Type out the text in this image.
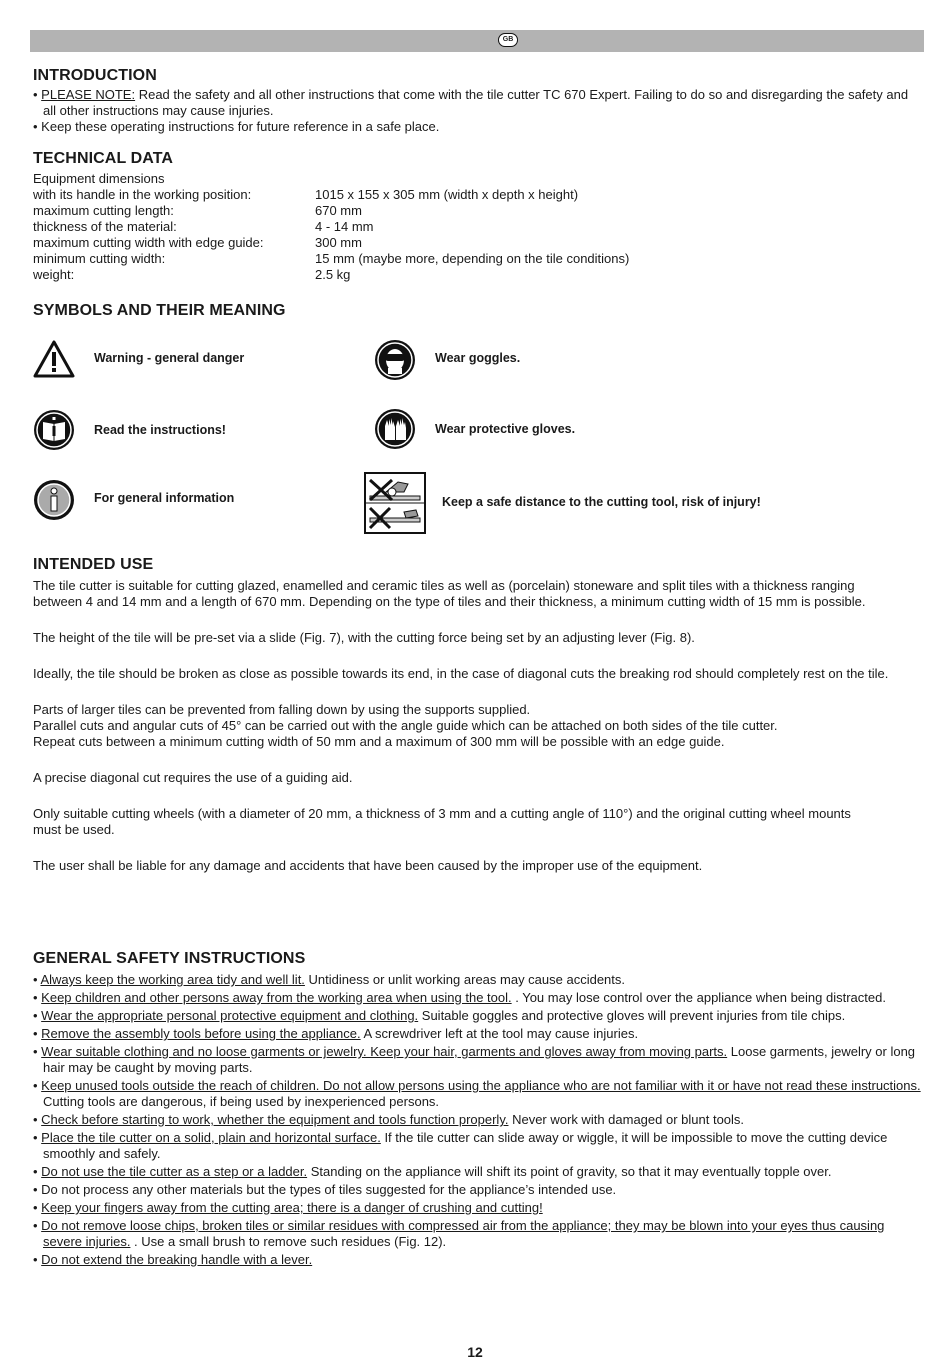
GB
INTRODUCTION
• PLEASE NOTE: Read the safety and all other instructions that come with the tile cutter TC 670 Expert. Failing to do so and disregarding the safety and all other instructions may cause injuries.
• Keep these operating instructions for future reference in a safe place.
TECHNICAL DATA
Equipment dimensions
with its handle in the working position:	1015 x 155 x 305 mm (width x depth x height)
maximum cutting length:	670 mm
thickness of the material:	4 - 14 mm
maximum cutting width with edge guide:	300 mm
minimum cutting width:	15 mm (maybe more, depending on the tile conditions)
weight:	2.5 kg
SYMBOLS AND THEIR MEANING
Warning - general danger	Wear goggles.
Read the instructions!	Wear protective gloves.
For general information	Keep a safe distance to the cutting tool, risk of injury!
INTENDED USE

The tile cutter is suitable for cutting glazed, enamelled and ceramic tiles as well as (porcelain) stoneware and split tiles with a thickness ranging between 4 and 14 mm and a length of 670 mm. Depending on the type of tiles and their thickness, a minimum cutting width of 15 mm is possible.

The height of the tile will be pre-set via a slide (Fig. 7), with the cutting force being set by an adjusting lever (Fig. 8).

Ideally, the tile should be broken as close as possible towards its end, in the case of diagonal cuts the breaking rod should completely rest on the tile.

Parts of larger tiles can be prevented from falling down by using the supports supplied.

Parallel cuts and angular cuts of 45° can be carried out with the angle guide which can be attached on both sides of the tile cutter.

Repeat cuts between a minimum cutting width of 50 mm and a maximum of 300 mm will be possible with an edge guide.

A precise diagonal cut requires the use of a guiding aid.

Only suitable cutting wheels (with a diameter of 20 mm, a thickness of 3 mm and a cutting angle of 110°) and the original cutting wheel mounts must be used.

The user shall be liable for any damage and accidents that have been caused by the improper use of the equipment.

GENERAL SAFETY INSTRUCTIONS
• Always keep the working area tidy and well lit. Untidiness or unlit working areas may cause accidents.
• Keep children and other persons away from the working area when using the tool. . You may lose control over the appliance when being distracted.
• Wear the appropriate personal protective equipment and clothing. Suitable goggles and protective gloves will prevent injuries from tile chips.
• Remove the assembly tools before using the appliance. A screwdriver left at the tool may cause injuries.
• Wear suitable clothing and no loose garments or jewelry. Keep your hair, garments and gloves away from moving parts. Loose garments, jewelry or long hair may be caught by moving parts.
• Keep unused tools outside the reach of children. Do not allow persons using the appliance who are not familiar with it or have not read these instructions. Cutting tools are dangerous, if being used by inexperienced persons.
• Check before starting to work, whether the equipment and tools function properly. Never work with damaged or blunt tools.
• Place the tile cutter on a solid, plain and horizontal surface. If the tile cutter can slide away or wiggle, it will be impossible to move the cutting device smoothly and safely.
• Do not use the tile cutter as a step or a ladder. Standing on the appliance will shift its point of gravity, so that it may eventually topple over.
• Do not process any other materials but the types of tiles suggested for the appliance’s intended use.
• Keep your fingers away from the cutting area; there is a danger of crushing and cutting!
• Do not remove loose chips, broken tiles or similar residues with compressed air from the appliance; they may be blown into your eyes thus causing severe injuries. . Use a small brush to remove such residues (Fig. 12).
• Do not extend the breaking handle with a lever.
12
